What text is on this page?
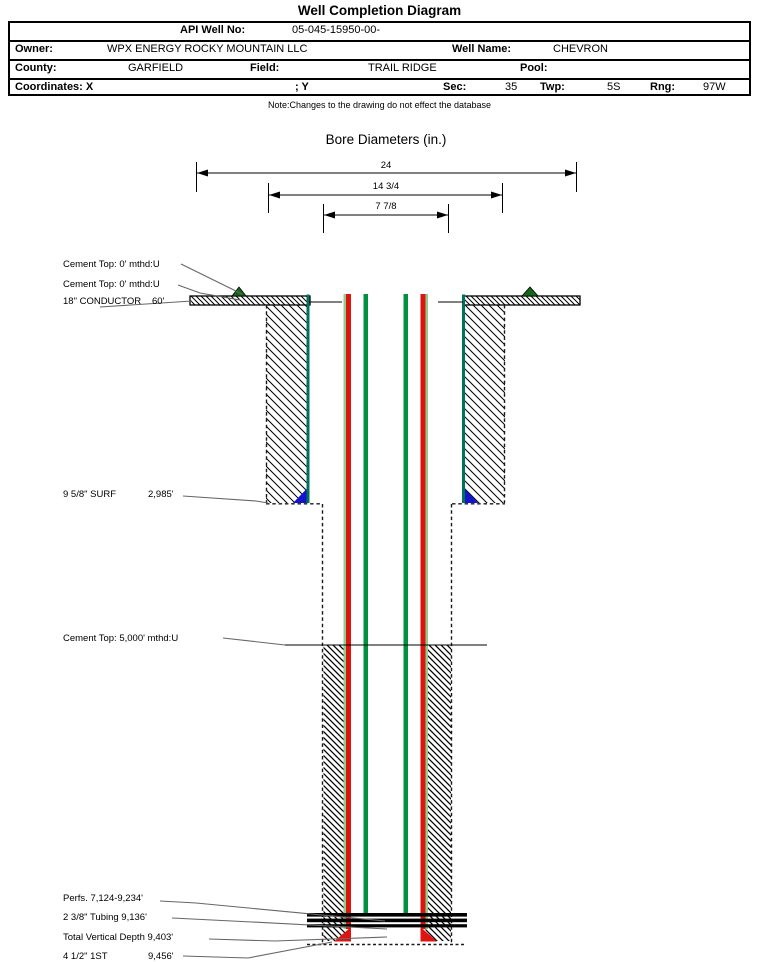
Well Completion Diagram
API Well No:	05-045-15950-00-
Owner:	WPX ENERGY ROCKY MOUNTAIN LLC	Well Name:	CHEVRON
County:	GARFIELD	Field:	TRAIL RIDGE	Pool:
Coordinates: X	; Y	Sec:	35 Twp:	5S	Rng:	97W
Note:Changes to the drawing do not effect the database
Bore Diameters (in.)
24
14 3/4
7 7/8
Cement Top: 0' mthd:U
Cement Top: 0' mthd:U
18" CONDUCTOR 60'
9 5/8" SURF	2,985'
Cement Top: 5,000' mthd:U
Perfs. 7,124-9,234'
2 3/8" Tubing 9,136'
Total Vertical Depth 9,403'
4 1/2" 1ST	9,456'
